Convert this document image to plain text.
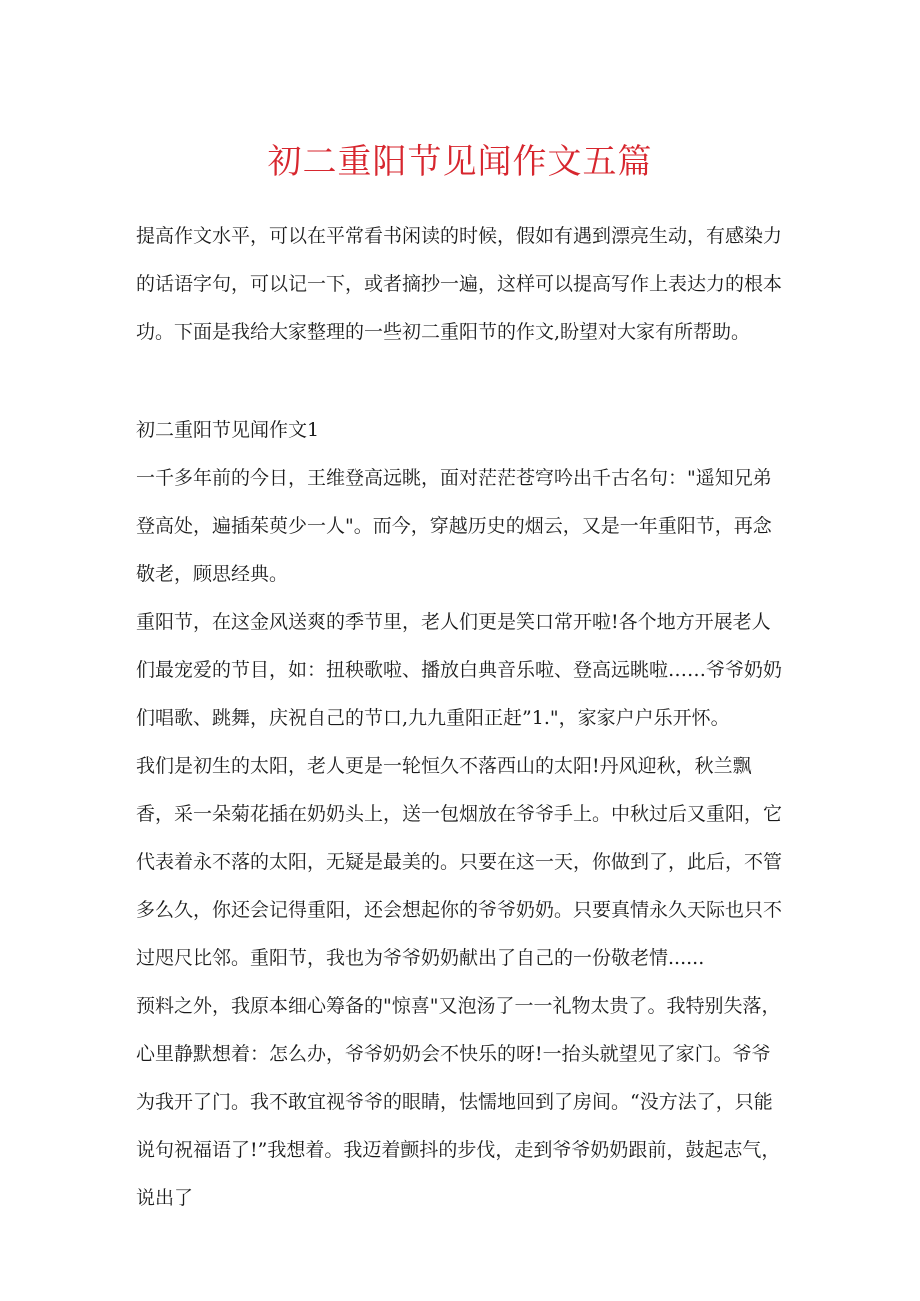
初二重阳节见闻作文五篇

提高作文水平，可以在平常看书闲读的时候，假如有遇到漂亮生动，有感染力的话语字句，可以记一下，或者摘抄一遍，这样可以提高写作上表达力的根本功。下面是我给大家整理的一些初二重阳节的作文,盼望对大家有所帮助。

初二重阳节见闻作文1

一千多年前的今日，王维登高远眺，面对茫茫苍穹吟出千古名句："遥知兄弟登高处，遍插茱萸少一人"。而今，穿越历史的烟云，又是一年重阳节，再念敬老，顾思经典。

重阳节，在这金风送爽的季节里，老人们更是笑口常开啦!各个地方开展老人们最宠爱的节目，如：扭秧歌啦、播放白典音乐啦、登高远眺啦……爷爷奶奶们唱歌、跳舞，庆祝自己的节口,九九重阳正赶”1."，家家户户乐开怀。

我们是初生的太阳，老人更是一轮恒久不落西山的太阳!丹风迎秋，秋兰飘香，采一朵菊花插在奶奶头上，送一包烟放在爷爷手上。中秋过后又重阳，它代表着永不落的太阳，无疑是最美的。只要在这一天，你做到了，此后，不管多么久，你还会记得重阳，还会想起你的爷爷奶奶。只要真情永久天际也只不过咫尺比邻。重阳节，我也为爷爷奶奶献出了自己的一份敬老情......

预料之外，我原本细心筹备的"惊喜"又泡汤了一一礼物太贵了。我特别失落，心里静默想着：怎么办，爷爷奶奶会不快乐的呀!一抬头就望见了家门。爷爷为我开了门。我不敢宜视爷爷的眼睛，怯懦地回到了房间。“没方法了，只能说句祝福语了!”我想着。我迈着颤抖的步伐，走到爷爷奶奶跟前，鼓起志气，说出了
